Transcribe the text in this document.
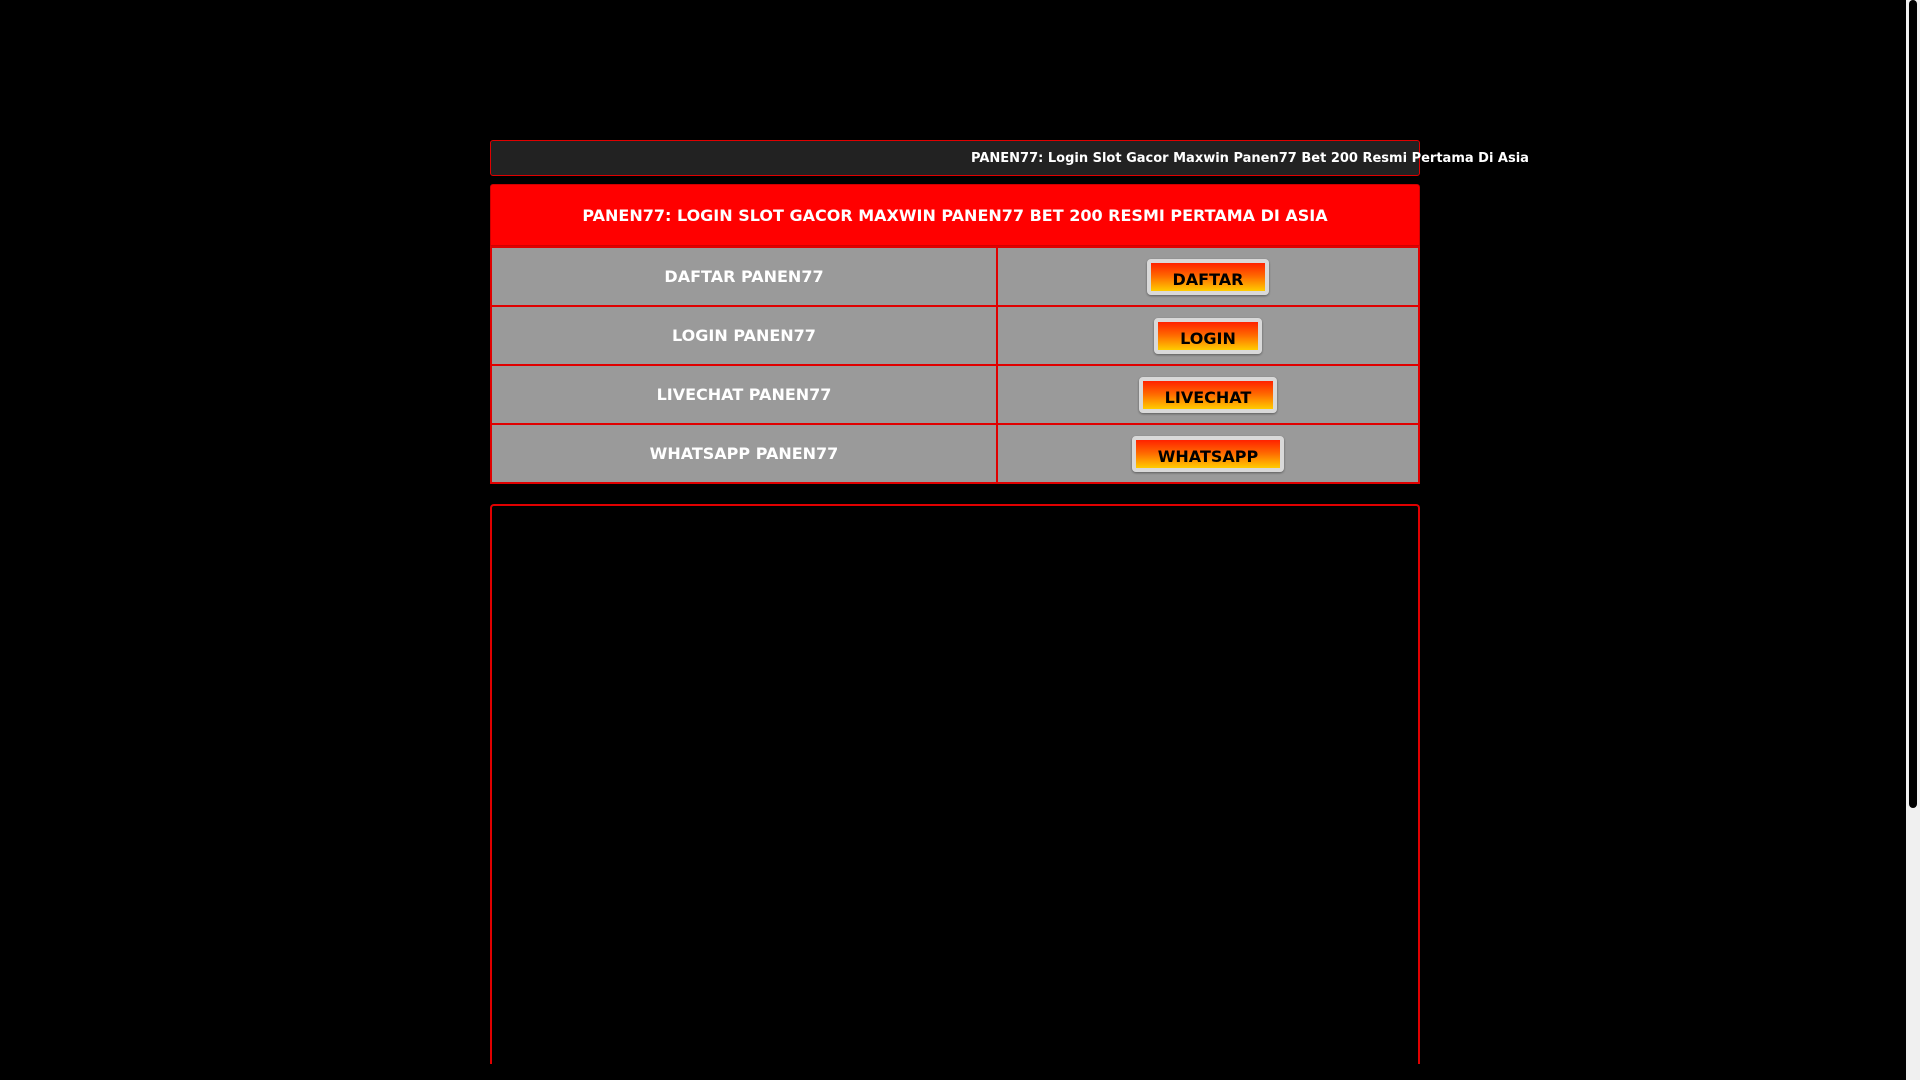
PANEN77: Login Slot Gacor Maxwin Panen77 Bet 200 Resmi Pertama Di Asia
PANEN77: LOGIN SLOT GACOR MAXWIN PANEN77 BET 200 RESMI PERTAMA DI ASIA
DAFTAR PANEN77	DAFTAR
LOGIN PANEN77	LOGIN
LIVECHAT PANEN77	LIVECHAT
WHATSAPP PANEN77	WHATSAPP
